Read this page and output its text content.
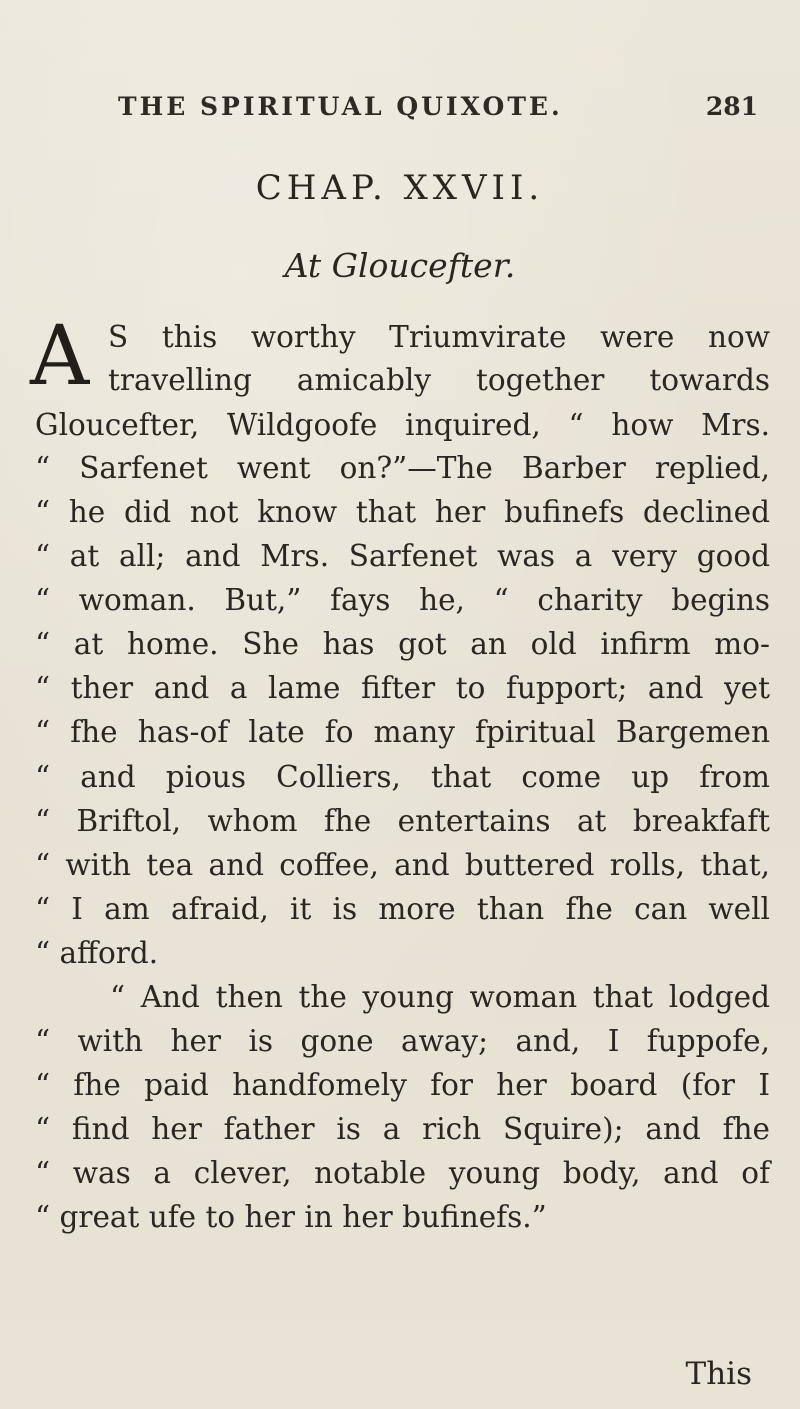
THE SPIRITUAL QUIXOTE.	281
CHAP. XXVII.
At Gloucefter.
A S this worthy Triumvirate were now
travelling amicably together towards
Gloucefter, Wildgoofe inquired, “ how Mrs.
“ Sarfenet went on?”—The Barber replied,
“ he did not know that her bufinefs declined
“ at all; and Mrs. Sarfenet was a very good
“ woman. But,” fays he, “ charity begins
“ at home. She has got an old infirm mo-
“ ther and a lame fifter to fupport; and yet
“ fhe has-of late fo many fpiritual Bargemen
“ and pious Colliers, that come up from
“ Briftol, whom fhe entertains at breakfaft
“ with tea and coffee, and buttered rolls, that,
“ I am afraid, it is more than fhe can well
“ afford.
“ And then the young woman that lodged
“ with her is gone away; and, I fuppofe,
“ fhe paid handfomely for her board (for I
“ find her father is a rich Squire); and fhe
“ was a clever, notable young body, and of
“ great ufe to her in her bufinefs.”
This
